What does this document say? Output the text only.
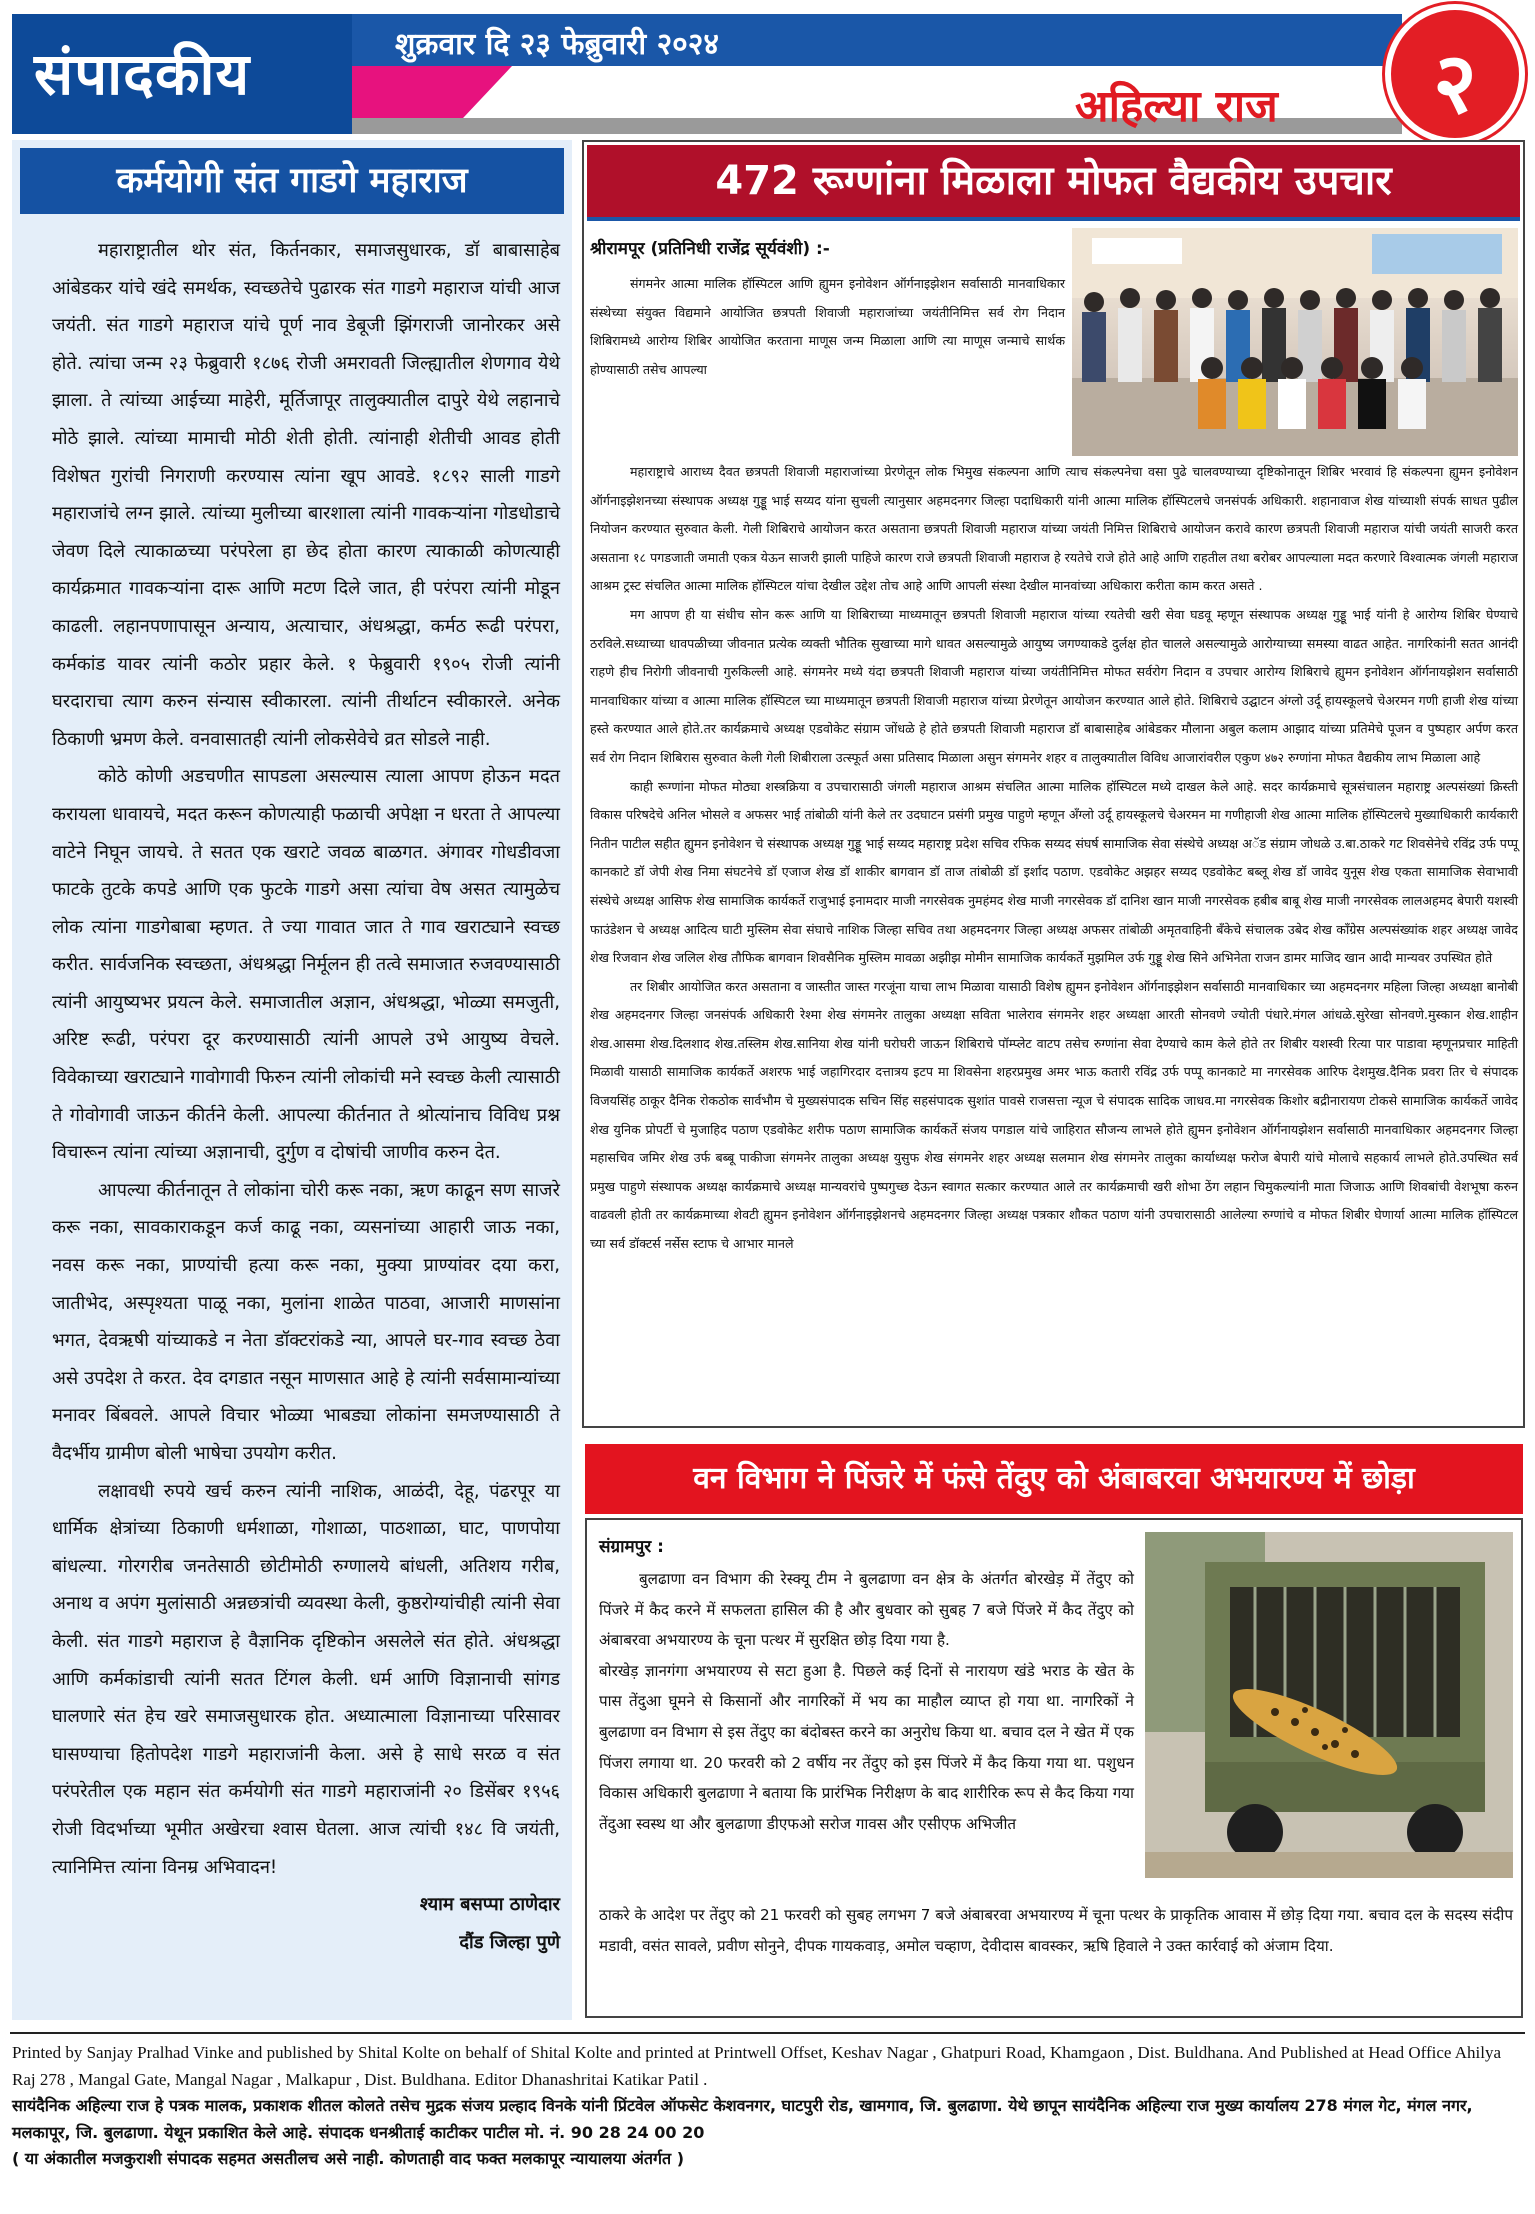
संपादकीय	शुक्रवार दि २३ फेब्रुवारी २०२४
अहिल्या राज	२
कर्मयोगी संत गाडगे महाराज

महाराष्ट्रातील थोर संत, किर्तनकार, समाजसुधारक, डॉ बाबासाहेब आंबेडकर यांचे खंदे समर्थक, स्वच्छतेचे पुढारक संत गाडगे महाराज यांची आज जयंती. संत गाडगे महाराज यांचे पूर्ण नाव डेबूजी झिंगराजी जानोरकर असे होते. त्यांचा जन्म २३ फेब्रुवारी १८७६ रोजी अमरावती जिल्ह्यातील शेणगाव येथे झाला. ते त्यांच्या आईच्या माहेरी, मूर्तिजापूर तालुक्यातील दापुरे येथे लहानाचे मोठे झाले. त्यांच्या मामाची मोठी शेती होती. त्यांनाही शेतीची आवड होती विशेषत गुरांची निगराणी करण्यास त्यांना खूप आवडे. १८९२ साली गाडगे महाराजांचे लग्न झाले. त्यांच्या मुलीच्या बारशाला त्यांनी गावकऱ्यांना गोडधोडाचे जेवण दिले त्याकाळच्या परंपरेला हा छेद होता कारण त्याकाळी कोणत्याही कार्यक्रमात गावकऱ्यांना दारू आणि मटण दिले जात, ही परंपरा त्यांनी मोडून काढली. लहानपणापासून अन्याय, अत्याचार, अंधश्रद्धा, कर्मठ रूढी परंपरा, कर्मकांड यावर त्यांनी कठोर प्रहार केले. १ फेब्रुवारी १९०५ रोजी त्यांनी घरदाराचा त्याग करुन संन्यास स्वीकारला. त्यांनी तीर्थाटन स्वीकारले. अनेक ठिकाणी भ्रमण केले. वनवासातही त्यांनी लोकसेवेचे व्रत सोडले नाही.

कोठे कोणी अडचणीत सापडला असल्यास त्याला आपण होऊन मदत करायला धावायचे, मदत करून कोणत्याही फळाची अपेक्षा न धरता ते आपल्या वाटेने निघून जायचे. ते सतत एक खराटे जवळ बाळगत. अंगावर गोधडीवजा फाटके तुटके कपडे आणि एक फुटके गाडगे असा त्यांचा वेष असत त्यामुळेच लोक त्यांना गाडगेबाबा म्हणत. ते ज्या गावात जात ते गाव खराट्याने स्वच्छ करीत. सार्वजनिक स्वच्छता, अंधश्रद्धा निर्मूलन ही तत्वे समाजात रुजवण्यासाठी त्यांनी आयुष्यभर प्रयत्न केले. समाजातील अज्ञान, अंधश्रद्धा, भोळ्या समजुती, अरिष्ट रूढी, परंपरा दूर करण्यासाठी त्यांनी आपले उभे आयुष्य वेचले. विवेकाच्या खराट्याने गावोगावी फिरुन त्यांनी लोकांची मने स्वच्छ केली त्यासाठी ते गोवोगावी जाऊन कीर्तने केली. आपल्या कीर्तनात ते श्रोत्यांनाच विविध प्रश्न विचारून त्यांना त्यांच्या अज्ञानाची, दुर्गुण व दोषांची जाणीव करुन देत.

आपल्या कीर्तनातून ते लोकांना चोरी करू नका, ऋण काढून सण साजरे करू नका, सावकाराकडून कर्ज काढू नका, व्यसनांच्या आहारी जाऊ नका, नवस करू नका, प्राण्यांची हत्या करू नका, मुक्या प्राण्यांवर दया करा, जातीभेद, अस्पृश्यता पाळू नका, मुलांना शाळेत पाठवा, आजारी माणसांना भगत, देवऋषी यांच्याकडे न नेता डॉक्टरांकडे न्या, आपले घर-गाव स्वच्छ ठेवा असे उपदेश ते करत. देव दगडात नसून माणसात आहे हे त्यांनी सर्वसामान्यांच्या मनावर बिंबवले. आपले विचार भोळ्या भाबड्या लोकांना समजण्यासाठी ते वैदर्भीय ग्रामीण बोली भाषेचा उपयोग करीत.

लक्षावधी रुपये खर्च करुन त्यांनी नाशिक, आळंदी, देहू, पंढरपूर या धार्मिक क्षेत्रांच्या ठिकाणी धर्मशाळा, गोशाळा, पाठशाळा, घाट, पाणपोया बांधल्या. गोरगरीब जनतेसाठी छोटीमोठी रुग्णालये बांधली, अतिशय गरीब, अनाथ व अपंग मुलांसाठी अन्नछत्रांची व्यवस्था केली, कुष्ठरोग्यांचीही त्यांनी सेवा केली. संत गाडगे महाराज हे वैज्ञानिक दृष्टिकोन असलेले संत होते. अंधश्रद्धा आणि कर्मकांडाची त्यांनी सतत टिंगल केली. धर्म आणि विज्ञानाची सांगड घालणारे संत हेच खरे समाजसुधारक होत. अध्यात्माला विज्ञानाच्या परिसावर घासण्याचा हितोपदेश गाडगे महाराजांनी केला. असे हे साधे सरळ व संत परंपरेतील एक महान संत कर्मयोगी संत गाडगे महाराजांनी २० डिसेंबर १९५६ रोजी विदर्भाच्या भूमीत अखेरचा श्वास घेतला. आज त्यांची १४८ वि जयंती, त्यानिमित्त त्यांना विनम्र अभिवादन!

श्याम बसप्पा ठाणेदार
दौंड जिल्हा पुणे
472 रूग्णांना मिळाला मोफत वैद्यकीय उपचार
श्रीरामपूर (प्रतिनिधी राजेंद्र सूर्यवंशी) :-

संगमनेर आत्मा मालिक हॉस्पिटल आणि ह्युमन इनोवेशन ऑर्गनाइझेशन सर्वासाठी मानवाधिकार संस्थेच्या संयुक्त विद्यमाने आयोजित छत्रपती शिवाजी महाराजांच्या जयंतीनिमित्त सर्व रोग निदान शिबिरामध्ये आरोग्य शिबिर आयोजित करताना माणूस जन्म मिळाला आणि त्या माणूस जन्माचे सार्थक होण्यासाठी तसेच आपल्या

महाराष्ट्राचे आराध्य दैवत छत्रपती शिवाजी महाराजांच्या प्रेरणेतून लोक भिमुख संकल्पना आणि त्याच संकल्पनेचा वसा पुढे चालवण्याच्या दृष्टिकोनातून शिबिर भरवावं हि संकल्पना ह्युमन इनोवेशन ऑर्गनाइझेशनच्या संस्थापक अध्यक्ष गुड्डू भाई सय्यद यांना सुचली त्यानुसार अहमदनगर जिल्हा पदाधिकारी यांनी आत्मा मालिक हॉस्पिटलचे जनसंपर्क अधिकारी. शहानावाज शेख यांच्याशी संपर्क साधत पुढील नियोजन करण्यात सुरुवात केली. गेली शिबिराचे आयोजन करत असताना छत्रपती शिवाजी महाराज यांच्या जयंती निमित्त शिबिराचे आयोजन करावे कारण छत्रपती शिवाजी महाराज यांची जयंती साजरी करत असताना १८ पगडजाती जमाती एकत्र येऊन साजरी झाली पाहिजे कारण राजे छत्रपती शिवाजी महाराज हे रयतेचे राजे होते आहे आणि राहतील तथा बरोबर आपल्याला मदत करणारे विश्वात्मक जंगली महाराज आश्रम ट्रस्ट संचलित आत्मा मालिक हॉस्पिटल यांचा देखील उद्देश तोच आहे आणि आपली संस्था देखील मानवांच्या अधिकारा करीता काम करत असते .

मग आपण ही या संधीच सोन करू आणि या शिबिराच्या माध्यमातून छत्रपती शिवाजी महाराज यांच्या रयतेची खरी सेवा घडवू म्हणून संस्थापक अध्यक्ष गुड्डू भाई यांनी हे आरोग्य शिबिर घेण्याचे ठरविले.सध्याच्या धावपळीच्या जीवनात प्रत्येक व्यक्ती भौतिक सुखाच्या मागे धावत असल्यामुळे आयुष्य जगण्याकडे दुर्लक्ष होत चालले असल्यामुळे आरोग्याच्या समस्या वाढत आहेत. नागरिकांनी सतत आनंदी राहणे हीच निरोगी जीवनाची गुरुकिल्ली आहे. संगमनेर मध्ये यंदा छत्रपती शिवाजी महाराज यांच्या जयंतीनिमित्त मोफत सर्वरोग निदान व उपचार आरोग्य शिबिराचे ह्युमन इनोवेशन ऑर्गनायझेशन सर्वासाठी मानवाधिकार यांच्या व आत्मा मालिक हॉस्पिटल च्या माध्यमातून छत्रपती शिवाजी महाराज यांच्या प्रेरणेतून आयोजन करण्यात आले होते. शिबिराचे उद्घाटन अंग्लो उर्दू हायस्कूलचे चेअरमन गणी हाजी शेख यांच्या हस्ते करण्यात आले होते.तर कार्यक्रमाचे अध्यक्ष एडवोकेट संग्राम जोंधळे हे होते छत्रपती शिवाजी महाराज डॉ बाबासाहेब आंबेडकर मौलाना अबुल कलाम आझाद यांच्या प्रतिमेचे पूजन व पुष्पहार अर्पण करत सर्व रोग निदान शिबिरास सुरुवात केली गेली शिबीराला उत्स्फूर्त असा प्रतिसाद मिळाला असुन संगमनेर शहर व तालुक्यातील विविध आजारांवरील एकुण ४७२ रुग्णांना मोफत वैद्यकीय लाभ मिळाला आहे

काही रूग्णांना मोफत मोठ्या शस्त्रक्रिया व उपचारासाठी जंगली महाराज आश्रम संचलित आत्मा मालिक हॉस्पिटल मध्ये दाखल केले आहे. सदर कार्यक्रमाचे सूत्रसंचालन महाराष्ट्र अल्पसंख्यां क्रिस्ती विकास परिषदेचे अनिल भोसले व अफसर भाई तांबोळी यांनी केले तर उदघाटन प्रसंगी प्रमुख पाहुणे म्हणून अँग्लो उर्दू हायस्कूलचे चेअरमन मा गणीहाजी शेख आत्मा मालिक हॉस्पिटलचे मुख्याधिकारी कार्यकारी नितीन पाटील सहीत ह्युमन इनोवेशन चे संस्थापक अध्यक्ष गुड्डू भाई सय्यद महाराष्ट्र प्रदेश सचिव रफिक सय्यद संघर्ष सामाजिक सेवा संस्थेचे अध्यक्ष अॅड संग्राम जोधळे उ.बा.ठाकरे गट शिवसेनेचे रविंद्र उर्फ पप्पू कानकाटे डॉ जेपी शेख निमा संघटनेचे डॉ एजाज शेख डॉ शाकीर बागवान डॉ ताज तांबोळी डॉ इर्शाद पठाण. एडवोकेट अझहर सय्यद एडवोकेट बब्लू शेख डॉ जावेद युनूस शेख एकता सामाजिक सेवाभावी संस्थेचे अध्यक्ष आसिफ शेख सामाजिक कार्यकर्ते राजुभाई इनामदार माजी नगरसेवक नुमहंमद शेख माजी नगरसेवक डॉ दानिश खान माजी नगरसेवक हबीब बाबू शेख माजी नगरसेवक लालअहमद बेपारी यशस्वी फाउंडेशन चे अध्यक्ष आदित्य घाटी मुस्लिम सेवा संघाचे नाशिक जिल्हा सचिव तथा अहमदनगर जिल्हा अध्यक्ष अफसर तांबोळी अमृतवाहिनी बँकेचे संचालक उबेद शेख कॉंग्रेस अल्पसंख्यांक शहर अध्यक्ष जावेद शेख रिजवान शेख जलिल शेख तौफिक बागवान शिवसैनिक मुस्लिम मावळा अझीझ मोमीन सामाजिक कार्यकर्ते मुझमिल उर्फ गुड्डू शेख सिने अभिनेता राजन डामर माजिद खान आदी मान्यवर उपस्थित होते

तर शिबीर आयोजित करत असताना व जास्तीत जास्त गरजूंना याचा लाभ मिळावा यासाठी विशेष ह्युमन इनोवेशन ऑर्गनाइझेशन सर्वासाठी मानवाधिकार च्या अहमदनगर महिला जिल्हा अध्यक्षा बानोबी शेख अहमदनगर जिल्हा जनसंपर्क अधिकारी रेश्मा शेख संगमनेर तालुका अध्यक्षा सविता भालेराव संगमनेर शहर अध्यक्षा आरती सोनवणे ज्योती पंधारे.मंगल आंधळे.सुरेखा सोनवणे.मुस्कान शेख.शाहीन शेख.आसमा शेख.दिलशाद शेख.तस्लिम शेख.सानिया शेख यांनी घरोघरी जाऊन शिबिराचे पॉम्प्लेट वाटप तसेच रुग्णांना सेवा देण्याचे काम केले होते तर शिबीर यशस्वी रित्या पार पाडावा म्हणूनप्रचार माहिती मिळावी यासाठी सामाजिक कार्यकर्ते अशरफ भाई जहागिरदार दत्तात्रय इटप मा शिवसेना शहरप्रमुख अमर भाऊ कतारी रविंद्र उर्फ पप्पू कानकाटे मा नगरसेवक आरिफ देशमुख.दैनिक प्रवरा तिर चे संपादक विजयसिंह ठाकूर दैनिक रोकठोक सार्वभौम चे मुख्यसंपादक सचिन सिंह सहसंपादक सुशांत पावसे राजसत्ता न्यूज चे संपादक सादिक जाधव.मा नगरसेवक किशोर बद्रीनारायण टोकसे सामाजिक कार्यकर्ते जावेद शेख युनिक प्रोपर्टी चे मुजाहिद पठाण एडवोकेट शरीफ पठाण सामाजिक कार्यकर्ते संजय पगडाल यांचे जाहिरात सौजन्य लाभले होते ह्युमन इनोवेशन ऑर्गनायझेशन सर्वासाठी मानवाधिकार अहमदनगर जिल्हा महासचिव जमिर शेख उर्फ बब्बू पाकीजा संगमनेर तालुका अध्यक्ष युसुफ शेख संगमनेर शहर अध्यक्ष सलमान शेख संगमनेर तालुका कार्याध्यक्ष फरोज बेपारी यांचे मोलाचे सहकार्य लाभले होते.उपस्थित सर्व प्रमुख पाहुणे संस्थापक अध्यक्ष कार्यक्रमाचे अध्यक्ष मान्यवरांचे पुष्पगुच्छ देऊन स्वागत सत्कार करण्यात आले तर कार्यक्रमाची खरी शोभा ठेंग लहान चिमुकल्यांनी माता जिजाऊ आणि शिवबांची वेशभूषा करुन वाढवली होती तर कार्यक्रमाच्या शेवटी ह्युमन इनोवेशन ऑर्गनाइझेशनचे अहमदनगर जिल्हा अध्यक्ष पत्रकार शौकत पठाण यांनी उपचारासाठी आलेल्या रुग्णांचे व मोफत शिबीर घेणार्या आत्मा मालिक हॉस्पिटल च्या सर्व डॉक्टर्स नर्सेस स्टाफ चे आभार मानले

वन विभाग ने पिंजरे में फंसे तेंदुए को अंबाबरवा अभयारण्य में छोड़ा
संग्रामपुर :

बुलढाणा वन विभाग की रेस्क्यू टीम ने बुलढाणा वन क्षेत्र के अंतर्गत बोरखेड़ में तेंदुए को पिंजरे में कैद करने में सफलता हासिल की है और बुधवार को सुबह 7 बजे पिंजरे में कैद तेंदुए को अंबाबरवा अभयारण्य के चूना पत्थर में सुरक्षित छोड़ दिया गया है.

बोरखेड़ ज्ञानगंगा अभयारण्य से सटा हुआ है. पिछले कई दिनों से नारायण खंडे भराड के खेत के पास तेंदुआ घूमने से किसानों और नागरिकों में भय का माहौल व्याप्त हो गया था. नागरिकों ने बुलढाणा वन विभाग से इस तेंदुए का बंदोबस्त करने का अनुरोध किया था. बचाव दल ने खेत में एक पिंजरा लगाया था. 20 फरवरी को 2 वर्षीय नर तेंदुए को इस पिंजरे में कैद किया गया था. पशुधन विकास अधिकारी बुलढाणा ने बताया कि प्रारंभिक निरीक्षण के बाद शारीरिक रूप से कैद किया गया तेंदुआ स्वस्थ था और बुलढाणा डीएफओ सरोज गावस और एसीएफ अभिजीत

ठाकरे के आदेश पर तेंदुए को 21 फरवरी को सुबह लगभग 7 बजे अंबाबरवा अभयारण्य में चूना पत्थर के प्राकृतिक आवास में छोड़ दिया गया. बचाव दल के सदस्य संदीप मडावी, वसंत सावले, प्रवीण सोनुने, दीपक गायकवाड़, अमोल चव्हाण, देवीदास बावस्कर, ऋषि हिवाले ने उक्त कार्रवाई को अंजाम दिया.

Printed by Sanjay Pralhad Vinke and published by Shital Kolte on behalf of Shital Kolte and printed at Printwell Offset, Keshav Nagar , Ghatpuri Road, Khamgaon , Dist. Buldhana. And Published at Head Office Ahilya Raj 278 , Mangal Gate, Mangal Nagar , Malkapur , Dist. Buldhana. Editor Dhanashritai Katikar Patil .
सायंदैनिक अहिल्या राज हे पत्रक मालक, प्रकाशक शीतल कोलते तसेच मुद्रक संजय प्रल्हाद विनके यांनी प्रिंटवेल ऑफसेट केशवनगर, घाटपुरी रोड, खामगाव, जि. बुलढाणा. येथे छापून सायंदैनिक अहिल्या राज मुख्य कार्यालय 278 मंगल गेट, मंगल नगर, मलकापूर, जि. बुलढाणा. येथून प्रकाशित केले आहे. संपादक धनश्रीताई काटीकर पाटील मो. नं. 90 28 24 00 20
( या अंकातील मजकुराशी संपादक सहमत असतीलच असे नाही. कोणताही वाद फक्त मलकापूर न्यायालया अंतर्गत )
